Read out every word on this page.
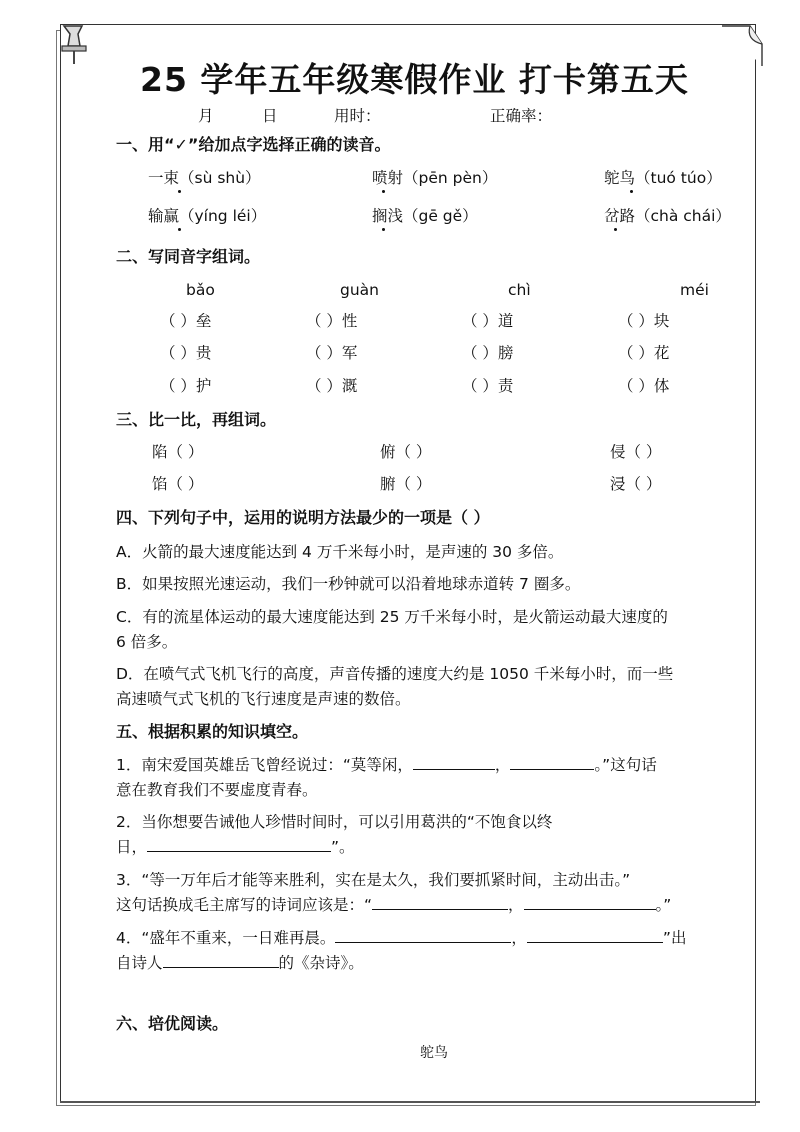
25 学年五年级寒假作业 打卡第五天
月	日	用时：	正确率：
一、用“✓”给加点字选择正确的读音。
一束（sù shù）	喷射（pēn pèn）	鸵鸟（tuó túo）
输赢（yíng léi）	搁浅（gē gě）	岔路（chà chái）
二、写同音字组词。
bǎo	guàn	chì	méi
（ ）垒	（ ）性	（ ）道	（ ）块
（ ）贵	（ ）军	（ ）膀	（ ）花
（ ）护	（ ）溉	（ ）责	（ ）体
三、比一比，再组词。
陷（ ）	俯（ ）	侵（ ）
馅（ ）	腑（ ）	浸（ ）
四、下列句子中，运用的说明方法最少的一项是（ ）
A．火箭的最大速度能达到 4 万千米每小时，是声速的 30 多倍。
B．如果按照光速运动，我们一秒钟就可以沿着地球赤道转 7 圈多。
C．有的流星体运动的最大速度能达到 25 万千米每小时，是火箭运动最大速度的
6 倍多。
D．在喷气式飞机飞行的高度，声音传播的速度大约是 1050 千米每小时，而一些
高速喷气式飞机的飞行速度是声速的数倍。
五、根据积累的知识填空。
1．南宋爱国英雄岳飞曾经说过：“莫等闲，	，	。”这句话
意在教育我们不要虚度青春。
2．当你想要告诫他人珍惜时间时，可以引用葛洪的“不饱食以终
日，	”。
3．“等一万年后才能等来胜利，实在是太久，我们要抓紧时间，主动出击。”
这句话换成毛主席写的诗词应该是：“	，	。”
4．“盛年不重来，一日难再晨。	，	”出
自诗人	的《杂诗》。
六、培优阅读。
鸵鸟
